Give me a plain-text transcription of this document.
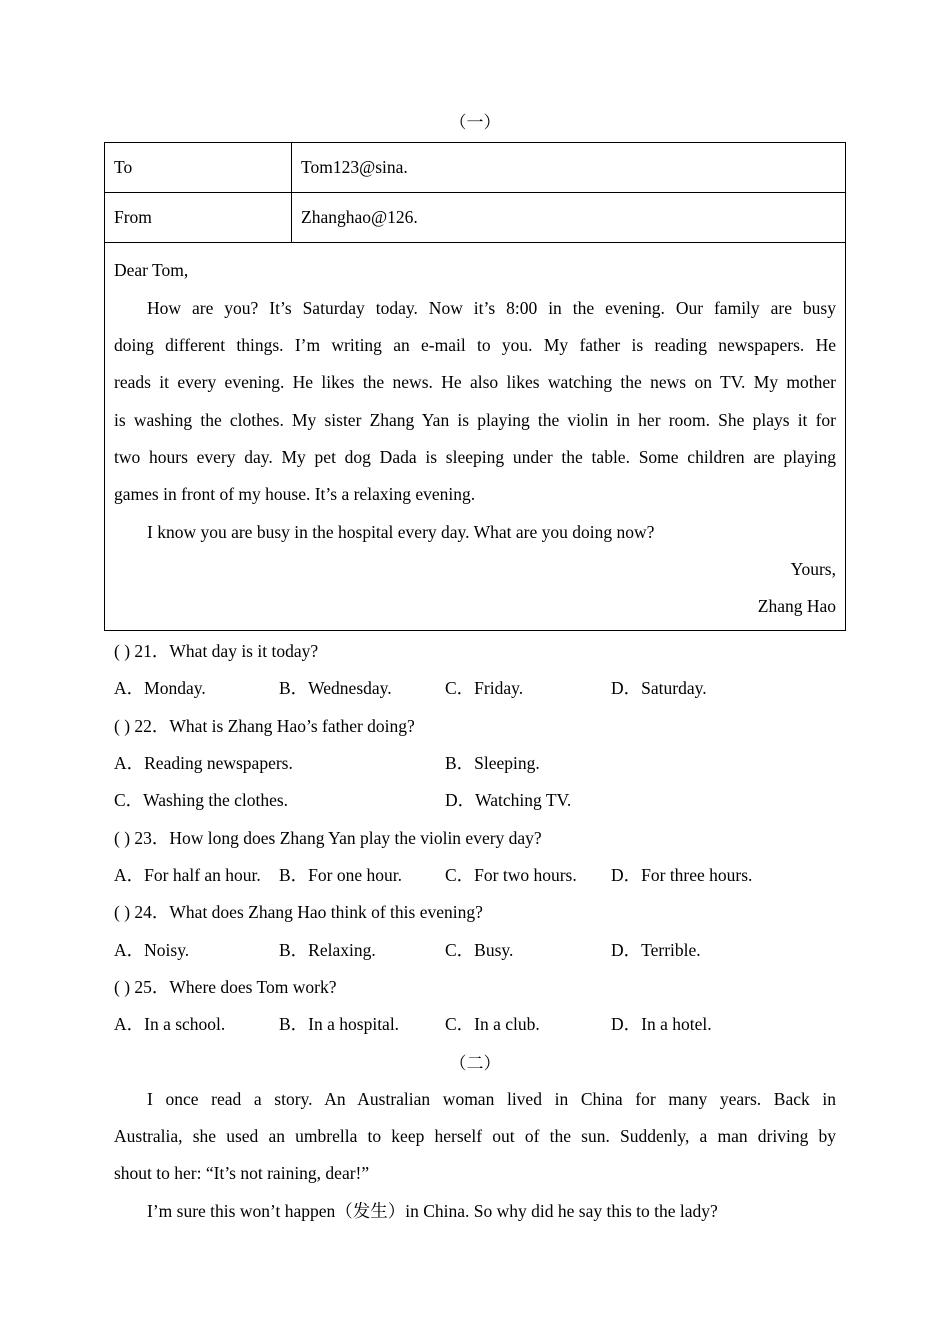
（一）
To	Tom123@sina.
From	Zhanghao@126.
Dear Tom,
How are you? It’s Saturday today. Now it’s 8:00 in the evening. Our family are busy
doing different things. I’m writing an e-mail to you. My father is reading newspapers. He
reads it every evening. He likes the news. He also likes watching the news on TV. My mother
is washing the clothes. My sister Zhang Yan is playing the violin in her room. She plays it for
two hours every day. My pet dog Dada is sleeping under the table. Some children are playing
games in front of my house. It’s a relaxing evening.
I know you are busy in the hospital every day. What are you doing now?
Yours,
Zhang Hao
( ) 21．What day is it today?
A．Monday.	B．Wednesday.	C．Friday.	D．Saturday.
( ) 22．What is Zhang Hao’s father doing?
A．Reading newspapers.	B．Sleeping.
C．Washing the clothes.	D．Watching TV.
( ) 23．How long does Zhang Yan play the violin every day?
A．For half an hour. B．For one hour. C．For two hours. D．For three hours.
( ) 24．What does Zhang Hao think of this evening?
A．Noisy.	B．Relaxing.	C．Busy.	D．Terrible.
( ) 25．Where does Tom work?
A．In a school.	B．In a hospital.	C．In a club.	D．In a hotel.
（二）
I once read a story. An Australian woman lived in China for many years. Back in
Australia, she used an umbrella to keep herself out of the sun. Suddenly, a man driving by
shout to her: “It’s not raining, dear!”
I’m sure this won’t happen（发生）in China. So why did he say this to the lady?
